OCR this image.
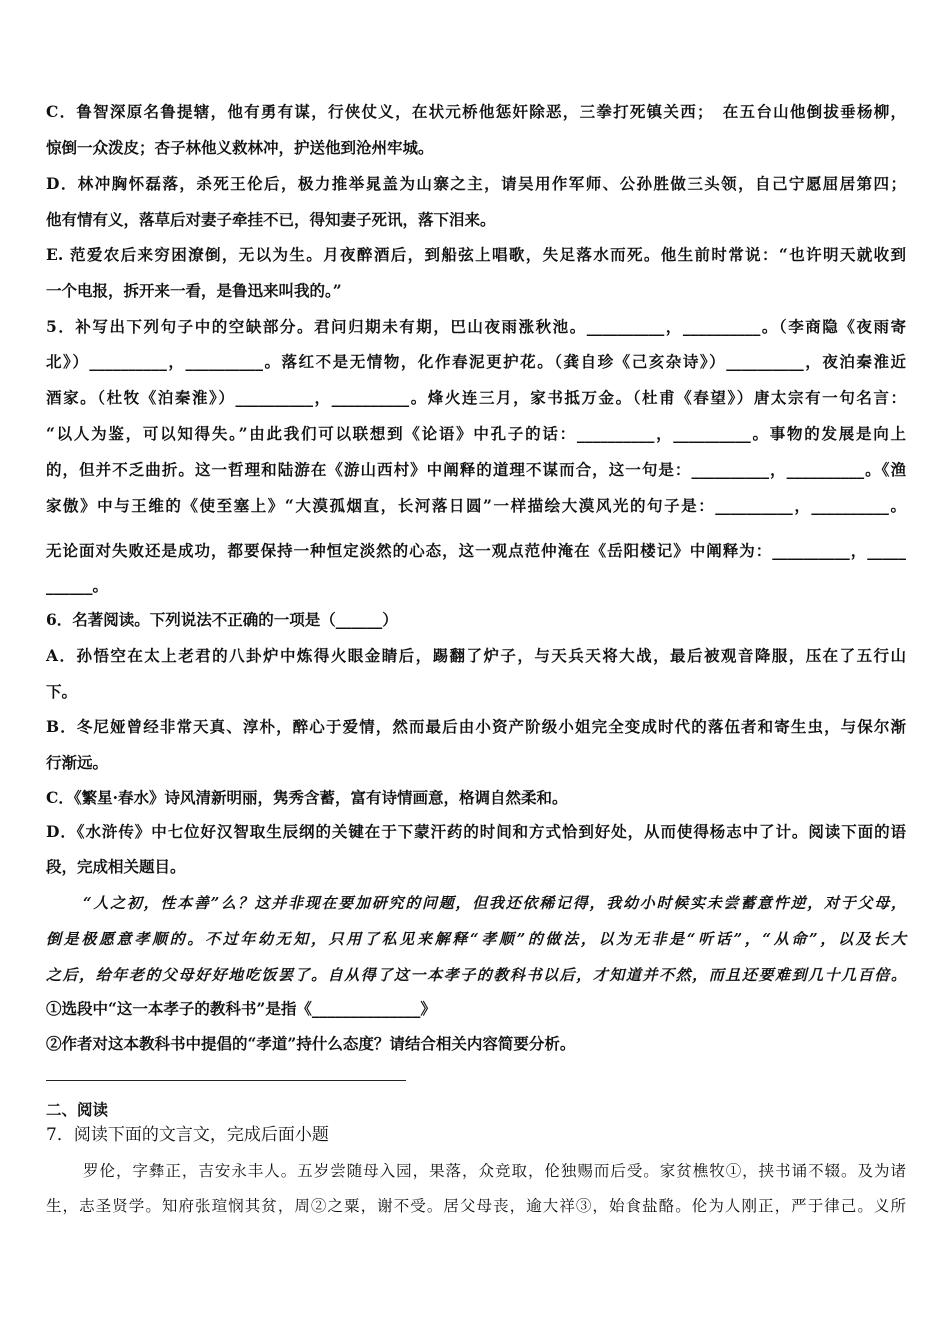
C．鲁智深原名鲁提辖，他有勇有谋，行侠仗义，在状元桥他惩奸除恶，三拳打死镇关西；　在五台山他倒拔垂杨柳，
惊倒一众泼皮；杏子林他义救林冲，护送他到沧州牢城。
D．林冲胸怀磊落，杀死王伦后，极力推举晁盖为山寨之主，请吴用作军师、公孙胜做三头领，自己宁愿屈居第四；
他有情有义，落草后对妻子牵挂不已，得知妻子死讯，落下泪来。
E. 范爱农后来穷困潦倒，无以为生。月夜醉酒后，到船弦上唱歌，失足落水而死。他生前时常说：“也许明天就收到
一个电报，拆开来一看，是鲁迅来叫我的。”
5．补写出下列句子中的空缺部分。君问归期未有期，巴山夜雨涨秋池。__________，__________。（李商隐《夜雨寄
北》）__________，__________。落红不是无情物，化作春泥更护花。（龚自珍《己亥杂诗》）__________，夜泊秦淮近
酒家。（杜牧《泊秦淮》）__________，__________。烽火连三月，家书抵万金。（杜甫《春望》）唐太宗有一句名言：
“以人为鉴，可以知得失。”由此我们可以联想到《论语》中孔子的话：__________，__________。事物的发展是向上
的，但并不乏曲折。这一哲理和陆游在《游山西村》中阐释的道理不谋而合，这一句是：__________，__________。《渔
家傲》中与王维的《使至塞上》“大漠孤烟直，长河落日圆”一样描绘大漠风光的句子是：__________，__________。
无论面对失败还是成功，都要保持一种恒定淡然的心态，这一观点范仲淹在《岳阳楼记》中阐释为：__________，_____
______。
6．名著阅读。下列说法不正确的一项是（______）
A．孙悟空在太上老君的八卦炉中炼得火眼金睛后，踢翻了炉子，与天兵天将大战，最后被观音降服，压在了五行山
下。
B．冬尼娅曾经非常天真、淳朴，醉心于爱情，然而最后由小资产阶级小姐完全变成时代的落伍者和寄生虫，与保尔渐
行渐远。
C．《繁星·春水》诗风清新明丽，隽秀含蓄，富有诗情画意，格调自然柔和。
D．《水浒传》中七位好汉智取生辰纲的关键在于下蒙汗药的时间和方式恰到好处，从而使得杨志中了计。阅读下面的语
段，完成相关题目。
“人之初，性本善”么？这并非现在要加研究的问题，但我还依稀记得，我幼小时候实未尝蓄意忤逆，对于父母，
倒是极愿意孝顺的。不过年幼无知，只用了私见来解释“孝顺”的做法，以为无非是“听话”，“从命”，以及长大
之后，给年老的父母好好地吃饭罢了。自从得了这一本孝子的教科书以后，才知道并不然，而且还要难到几十几百倍。
①选段中“这一本孝子的教科书”是指《______________》
②作者对这本教科书中提倡的“孝道”持什么态度？请结合相关内容简要分析。
二、阅读
7．阅读下面的文言文，完成后面小题
罗伦，字彝正，吉安永丰人。五岁尝随母入园，果落，众竞取，伦独赐而后受。家贫樵牧①，挟书诵不辍。及为诸
生，志圣贤学。知府张瑄悯其贫，周②之粟，谢不受。居父母丧，逾大祥③，始食盐酪。伦为人刚正，严于律己。义所
